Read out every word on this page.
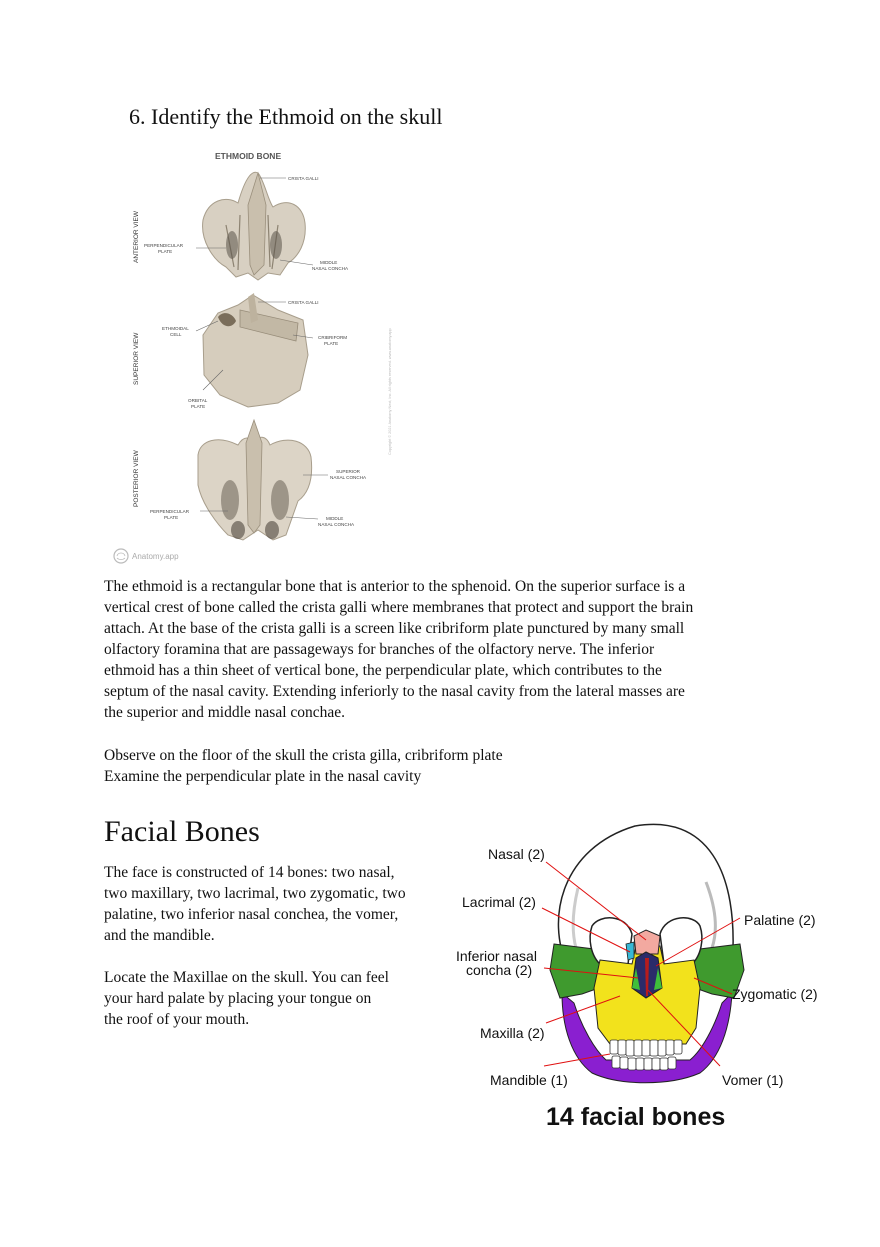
6. Identify the Ethmoid on the skull
ETHMOID BONE
ANTERIOR VIEW
SUPERIOR VIEW
POSTERIOR VIEW
CRISTA GALLI
PERPENDICULAR
PLATE
MIDDLE
NASAL CONCHA
CRISTA GALLI
ETHMOIDAL
CELL
CRIBRIFORM
PLATE
ORBITAL
PLATE
SUPERIOR
NASAL CONCHA
PERPENDICULAR
PLATE	MIDDLE
NASAL CONCHA
Copyright © 2021 Anatomy Next, Inc. All rights reserved. www.anatomy.app
Anatomy.app
The ethmoid is a rectangular bone that is anterior to the sphenoid. On the superior surface is a
vertical crest of bone called the crista galli where membranes that protect and support the brain
attach. At the base of the crista galli is a screen like cribriform plate punctured by many small
olfactory foramina that are passageways for branches of the olfactory nerve. The inferior
ethmoid has a thin sheet of vertical bone, the perpendicular plate, which contributes to the
septum of the nasal cavity. Extending inferiorly to the nasal cavity from the lateral masses are
the superior and middle nasal conchae.
Observe on the floor of the skull the crista gilla, cribriform plate
Examine the perpendicular plate in the nasal cavity
Facial Bones
The face is constructed of 14 bones: two nasal,
two maxillary, two lacrimal, two zygomatic, two
palatine, two inferior nasal conchea, the vomer,
and the mandible.
Locate the Maxillae on the skull. You can feel
your hard palate by placing your tongue on
the roof of your mouth.
Nasal (2)
Lacrimal (2)
Inferior nasal
concha (2)
Maxilla (2)
Mandible (1)
Palatine (2)
Zygomatic (2)
Vomer (1)
14 facial bones
